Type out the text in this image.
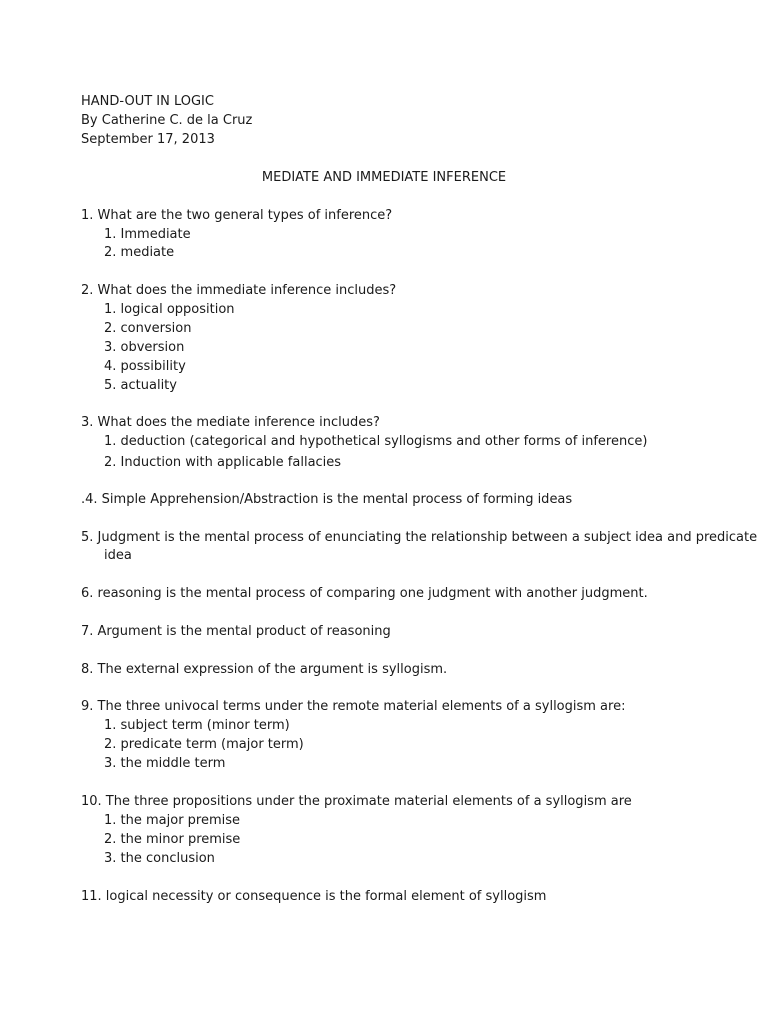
HAND-OUT IN LOGIC
By Catherine C. de la Cruz
September 17, 2013
MEDIATE AND IMMEDIATE INFERENCE
1. What are the two general types of inference?
1. Immediate
2. mediate
2. What does the immediate inference includes?
1. logical opposition
2. conversion
3. obversion
4. possibility
5. actuality
3. What does the mediate inference includes?
1. deduction (categorical and hypothetical syllogisms and other forms of inference)
2. Induction with applicable fallacies
.4. Simple Apprehension/Abstraction is the mental process of forming ideas
5. Judgment is the mental process of enunciating the relationship between a subject idea and predicate
idea
6. reasoning is the mental process of comparing one judgment with another judgment.
7. Argument is the mental product of reasoning
8. The external expression of the argument is syllogism.
9. The three univocal terms under the remote material elements of a syllogism are:
1. subject term (minor term)
2. predicate term (major term)
3. the middle term
10. The three propositions under the proximate material elements of a syllogism are
1. the major premise
2. the minor premise
3. the conclusion
11. logical necessity or consequence is the formal element of syllogism
